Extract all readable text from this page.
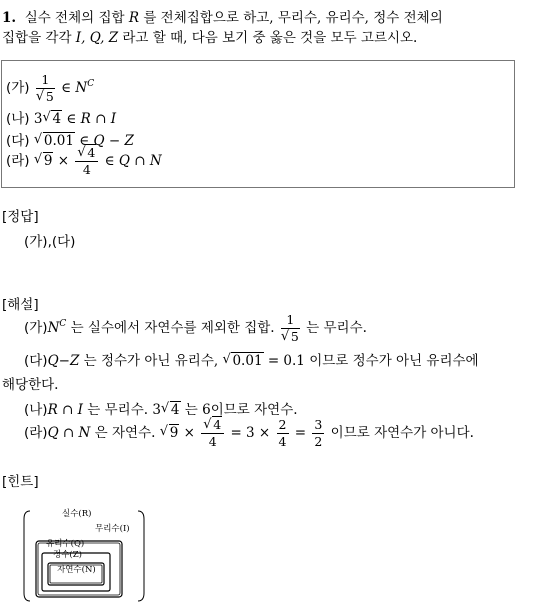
1. 실수 전체의 집합 R 를 전체집합으로 하고, 무리수, 유리수, 정수 전체의
집합을 각각 I, Q, Z 라고 할 때, 다음 보기 중 옳은 것을 모두 고르시오.
(가) 1
√ 5 ∈ $N^C$
(나) 3 √ 4 ∈ R ∩ I
(다) √ 0.01 ∈ Q − Z
(라) √ 9 × √ $\frac{4}{4}$ ∈ Q ∩ N
[정답]
(가),(다)
[해설]
(가)$N^C$ 는 실수에서 자연수를 제외한 집합. 1
√ 5 는 무리수.
(다)Q−Z 는 정수가 아닌 유리수, √ 0.01 = 0.1 이므로 정수가 아닌 유리수에
해당한다.
(나)R ∩ I 는 무리수. 3 √ 4 는 6이므로 자연수.
(라)Q ∩ N 은 자연수. √ 9 × √ $\frac{4}{4} = 3 \times \frac{2}{4} = \frac{3}{2}$ 이므로 자연수가 아니다.
[힌트]
실수(R)
무리수(I)
유리수(Q)
정수(Z)
자연수(N)
